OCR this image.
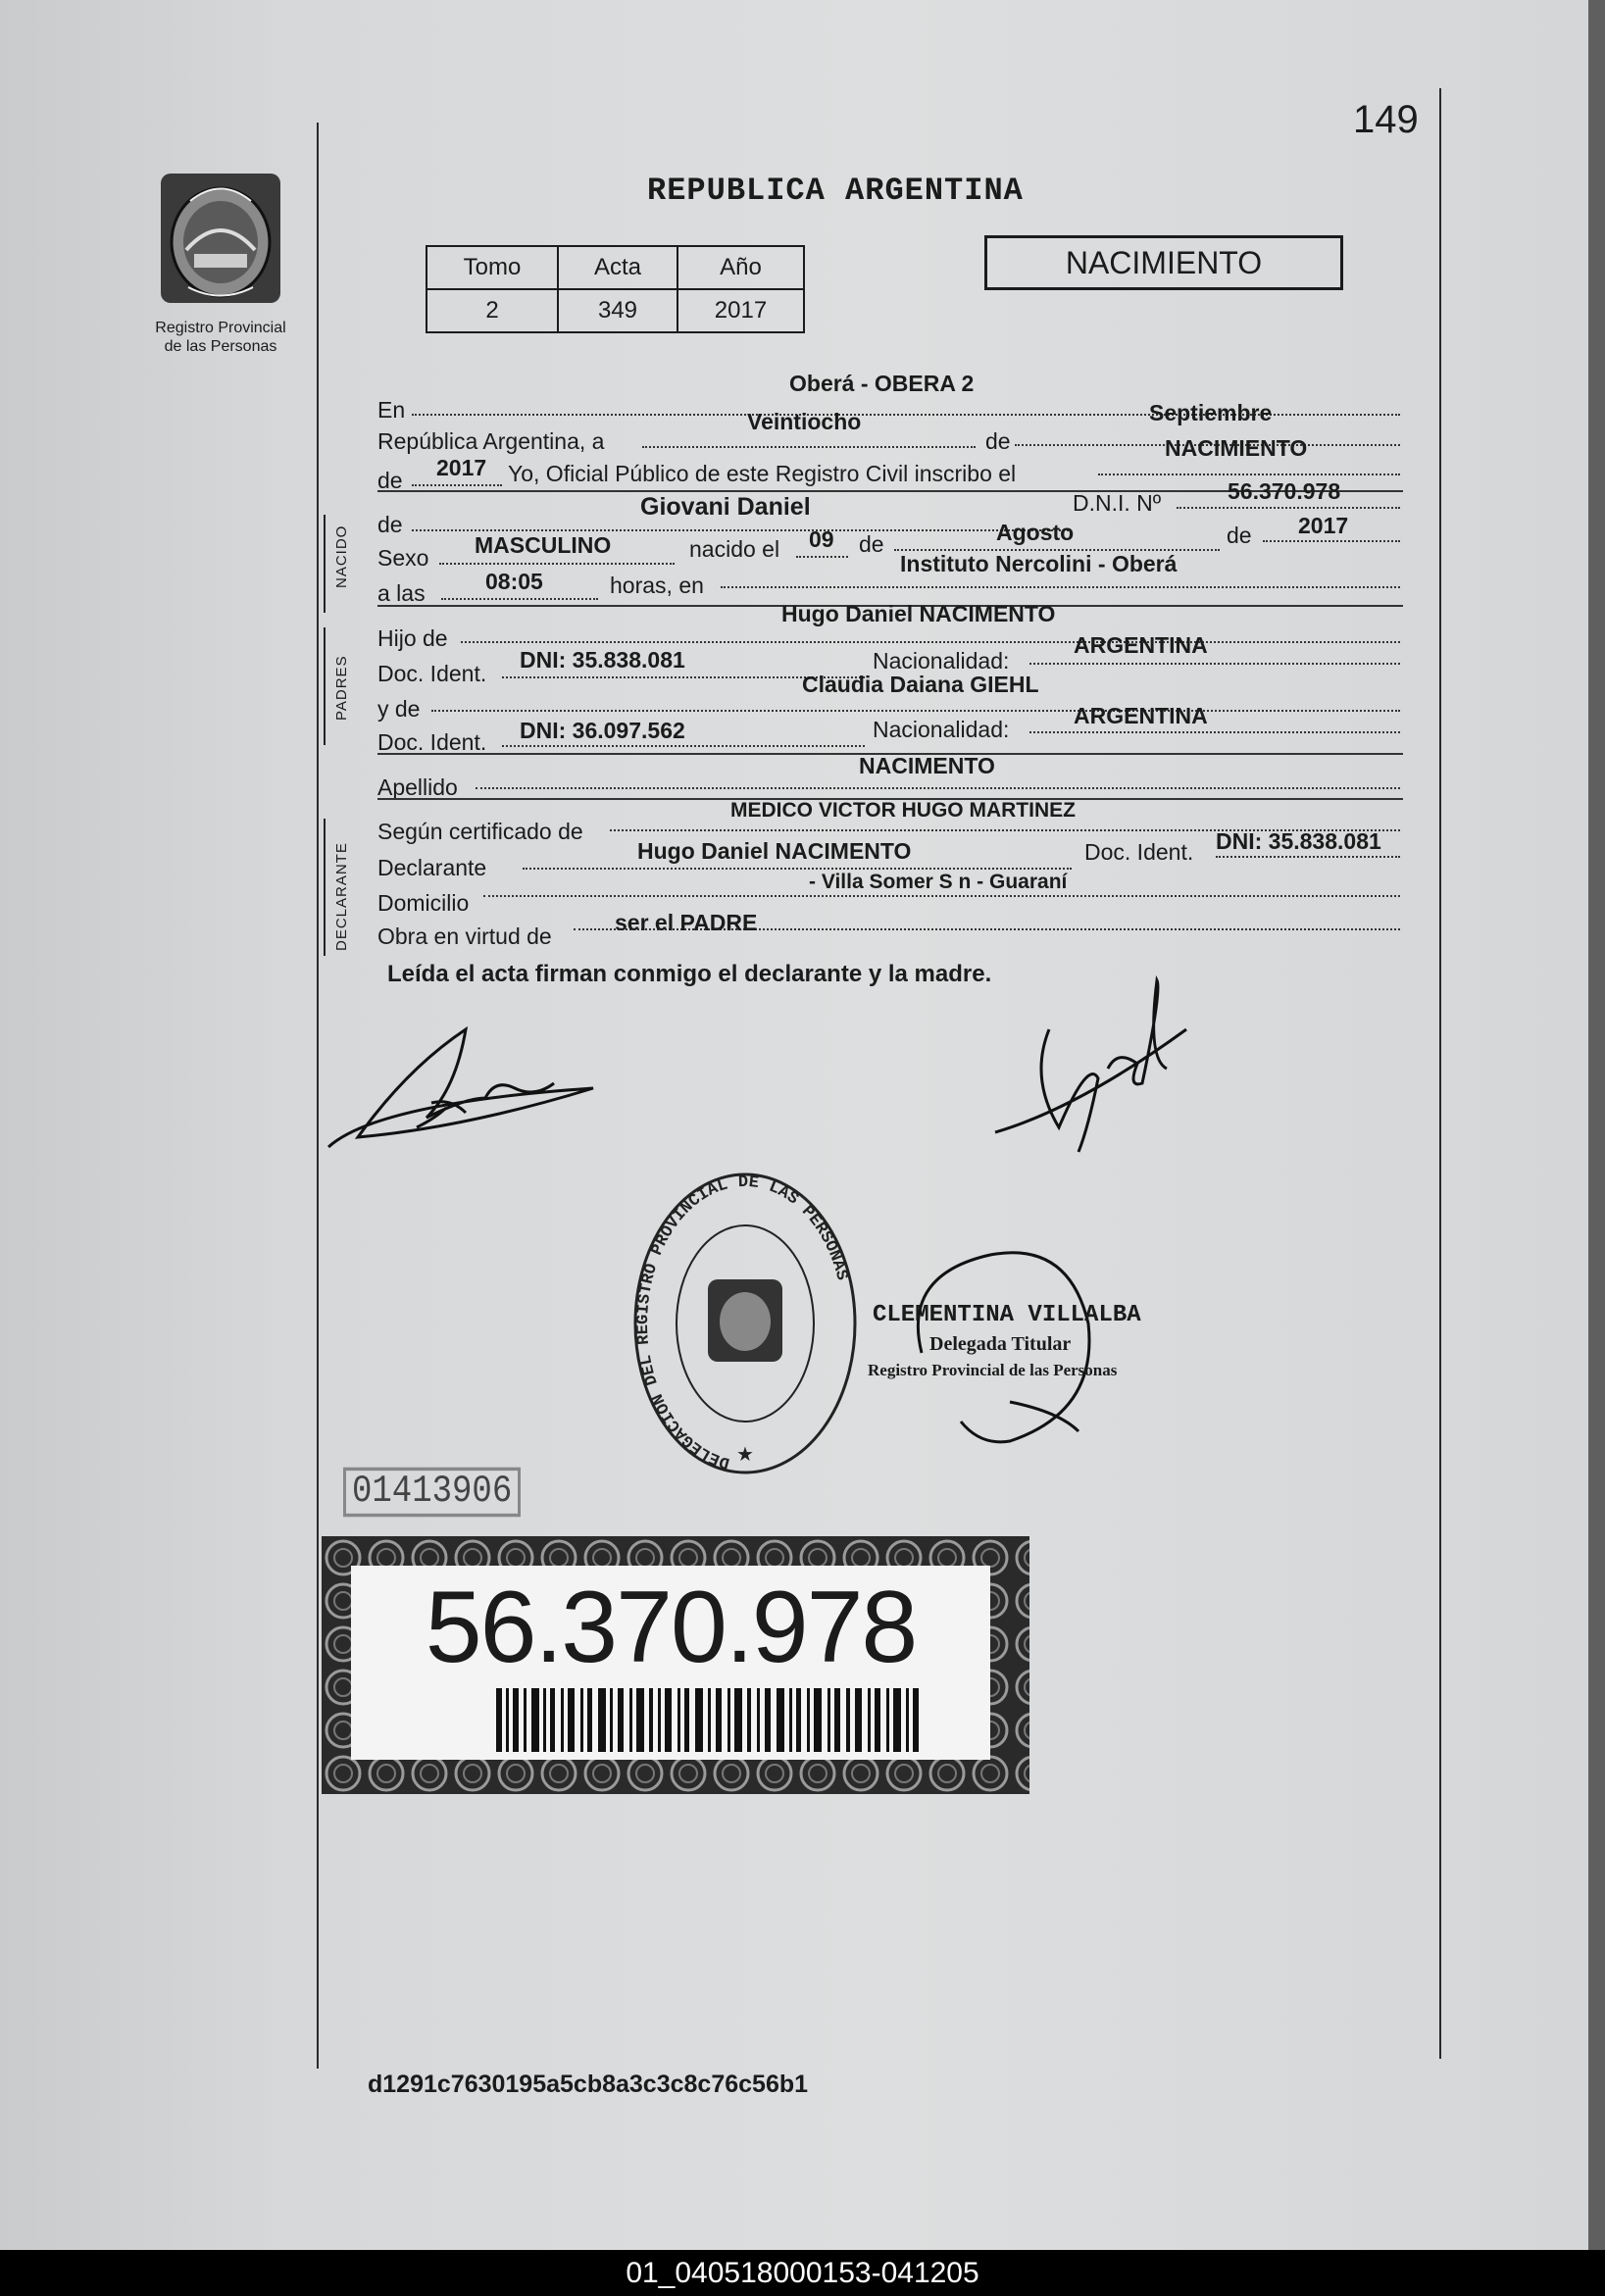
149
Registro Provincial
de las Personas
REPUBLICA ARGENTINA
Tomo	Acta	Año
2	349	2017
NACIMIENTO
En
Oberá - OBERA 2
República Argentina, a
Veintiocho
de
Septiembre
de 2017 Yo, Oficial Público de este Registro Civil inscribo el
NACIMIENTO
NACIDO
de
Giovani Daniel	D.N.I. Nº	56.370.978
Sexo MASCULINO	nacido el 09 de	Agosto	de 2017
a las	08:05	horas, en
Instituto Nercolini - Oberá
PADRES
Hijo de
Hugo Daniel NACIMENTO
Doc. Ident.
DNI: 35.838.081	Nacionalidad:
ARGENTINA
y de
Claudia Daiana GIEHL
Doc. Ident. DNI: 36.097.562	Nacionalidad:
ARGENTINA
Apellido
NACIMENTO
DECLARANTE
Según certificado de
MEDICO VICTOR HUGO MARTINEZ
Declarante
Hugo Daniel NACIMENTO	Doc. Ident. DNI: 35.838.081
Domicilio
- Villa Somer S n - Guaraní
Obra en virtud de
ser el PADRE
Leída el acta firman conmigo el declarante y la madre.
DELEGACION DEL REGISTRO PROVINCIAL DE LAS PERSONAS
★
CLEMENTINA VILLALBA
Delegada Titular
Registro Provincial de las Personas
01413906
56.370.978
d1291c7630195a5cb8a3c3c8c76c56b1
01_040518000153-041205
